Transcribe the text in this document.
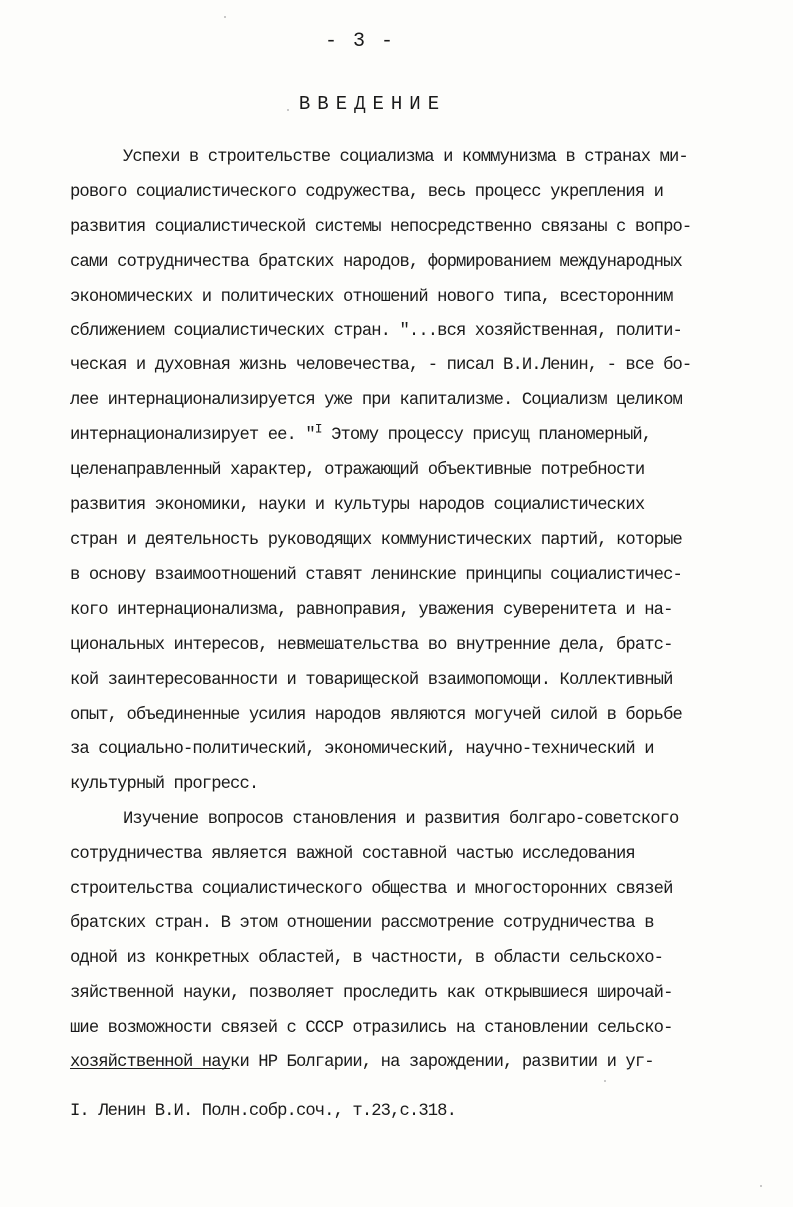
- 3 -
ВВЕДЕНИЕ
Успехи в строительстве социализма и коммунизма в странах ми-
рового социалистического содружества, весь процесс укрепления и
развития социалистической системы непосредственно связаны с вопро-
сами сотрудничества братских народов, формированием международных
экономических и политических отношений нового типа, всесторонним
сближением социалистических стран. "...вся хозяйственная, полити-
ческая и духовная жизнь человечества, - писал В.И.Ленин, - все бо-
лее интернационализируется уже при капитализме. Социализм целиком
интернационализирует ее. "$^I$ Этому процессу присущ планомерный,
целенаправленный характер, отражающий объективные потребности
развития экономики, науки и культуры народов социалистических
стран и деятельность руководящих коммунистических партий, которые
в основу взаимоотношений ставят ленинские принципы социалистичес-
кого интернационализма, равноправия, уважения суверенитета и на-
циональных интересов, невмешательства во внутренние дела, братс-
кой заинтересованности и товарищеской взаимопомощи. Коллективный
опыт, объединенные усилия народов являются могучей силой в борьбе
за социально-политический, экономический, научно-технический и
культурный прогресс.
Изучение вопросов становления и развития болгаро-советского
сотрудничества является важной составной частью исследования
строительства социалистического общества и многосторонних связей
братских стран. В этом отношении рассмотрение сотрудничества в
одной из конкретных областей, в частности, в области сельскохо-
зяйственной науки, позволяет проследить как открывшиеся широчай-
шие возможности связей с СССР отразились на становлении сельско-
хозяйственной науки НР Болгарии, на зарождении, развитии и уг-
I. Ленин В.И. Полн.собр.соч., т.23,с.318.
